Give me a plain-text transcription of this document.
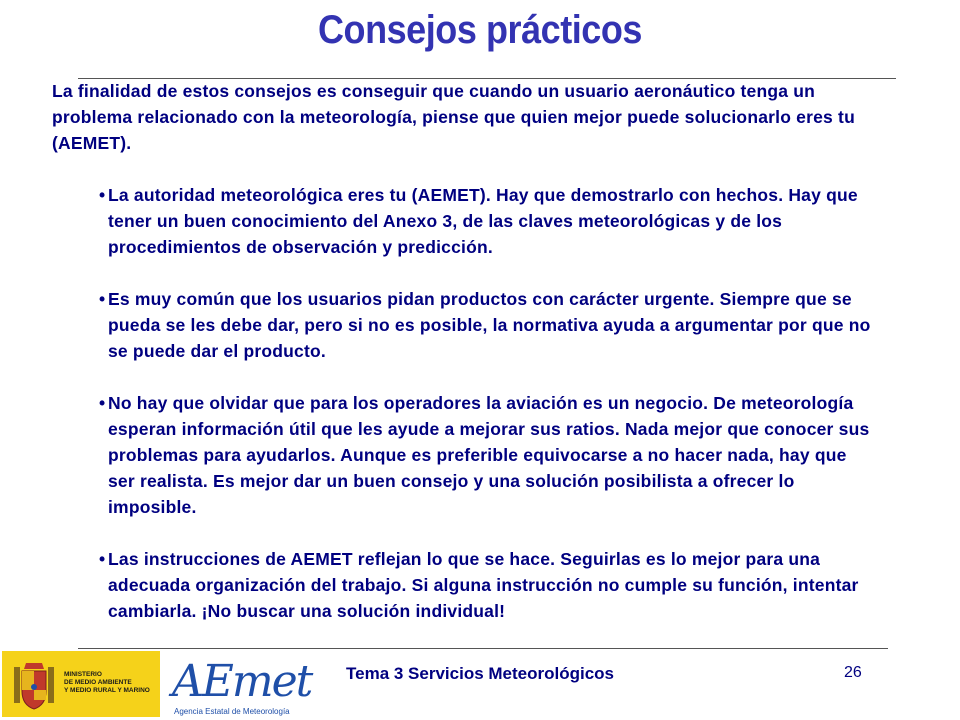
Consejos prácticos

La finalidad de estos consejos es conseguir que cuando un usuario aeronáutico tenga un problema relacionado con la meteorología, piense que quien mejor puede solucionarlo eres tu (AEMET).

• La autoridad meteorológica eres tu (AEMET). Hay que demostrarlo con hechos. Hay que tener un buen conocimiento del Anexo 3, de las claves meteorológicas y de los procedimientos de observación y predicción.
• Es muy común que los usuarios pidan productos con carácter urgente. Siempre que se pueda se les debe dar, pero si no es posible, la normativa ayuda a argumentar por que no se puede dar el producto.
• No hay que olvidar que para los operadores la aviación es un negocio. De meteorología esperan información útil que les ayude a mejorar sus ratios. Nada mejor que conocer sus problemas para ayudarlos. Aunque es preferible equivocarse a no hacer nada, hay que ser realista. Es mejor dar un buen consejo y una solución posibilista a ofrecer lo imposible.
• Las instrucciones de AEMET reflejan lo que se hace. Seguirlas es lo mejor para una adecuada organización del trabajo. Si alguna instrucción no cumple su función, intentar cambiarla. ¡No buscar una solución individual!
MINISTERIO
DE MEDIO AMBIENTE
Y MEDIO RURAL Y MARINO AEmet
Agencia Estatal de Meteorología
Tema 3 Servicios Meteorológicos	26
